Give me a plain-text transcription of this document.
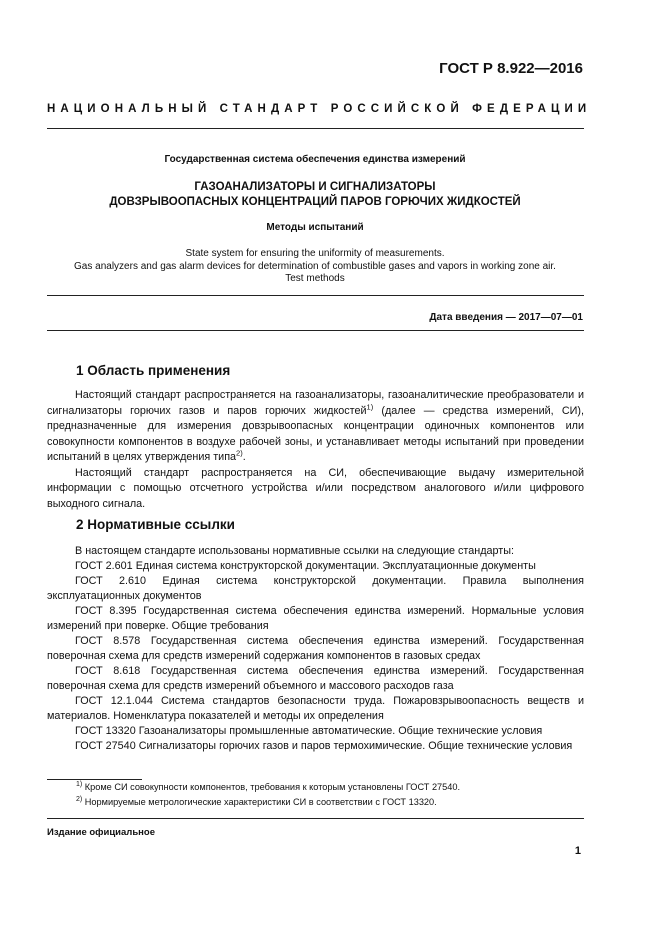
ГОСТ Р 8.922—2016
НАЦИОНАЛЬНЫЙ СТАНДАРТ РОССИЙСКОЙ ФЕДЕРАЦИИ
Государственная система обеспечения единства измерений
ГАЗОАНАЛИЗАТОРЫ И СИГНАЛИЗАТОРЫ
ДОВЗРЫВООПАСНЫХ КОНЦЕНТРАЦИЙ ПАРОВ ГОРЮЧИХ ЖИДКОСТЕЙ
Методы испытаний
State system for ensuring the uniformity of measurements.
Gas analyzers and gas alarm devices for determination of combustible gases and vapors in working zone air.
Test methods
Дата введения — 2017—07—01
1 Область применения

Настоящий стандарт распространяется на газоанализаторы, газоаналитические преобразователи и сигнализаторы горючих газов и паров горючих жидкостей$^{1)}$ (далее — средства измерений, СИ), предназначенные для измерения довзрывоопасных концентрации одиночных компонентов или совокупности компонентов в воздухе рабочей зоны, и устанавливает методы испытаний при проведении испытаний в целях утверждения типа$^{2)}$.

Настоящий стандарт распространяется на СИ, обеспечивающие выдачу измерительной информации с помощью отсчетного устройства и/или посредством аналогового и/или цифрового выходного сигнала.

2 Нормативные ссылки

В настоящем стандарте использованы нормативные ссылки на следующие стандарты:

ГОСТ 2.601 Единая система конструкторской документации. Эксплуатационные документы

ГОСТ 2.610 Единая система конструкторской документации. Правила выполнения эксплуатационных документов

ГОСТ 8.395 Государственная система обеспечения единства измерений. Нормальные условия измерений при поверке. Общие требования

ГОСТ 8.578 Государственная система обеспечения единства измерений. Государственная поверочная схема для средств измерений содержания компонентов в газовых средах

ГОСТ 8.618 Государственная система обеспечения единства измерений. Государственная поверочная схема для средств измерений объемного и массового расходов газа

ГОСТ 12.1.044 Система стандартов безопасности труда. Пожаровзрывоопасность веществ и материалов. Номенклатура показателей и методы их определения

ГОСТ 13320 Газоанализаторы промышленные автоматические. Общие технические условия

ГОСТ 27540 Сигнализаторы горючих газов и паров термохимические. Общие технические условия

$^{1)}$ Кроме СИ совокупности компонентов, требования к которым установлены ГОСТ 27540.
$^{2)}$ Нормируемые метрологические характеристики СИ в соответствии с ГОСТ 13320.
Издание официальное
1
